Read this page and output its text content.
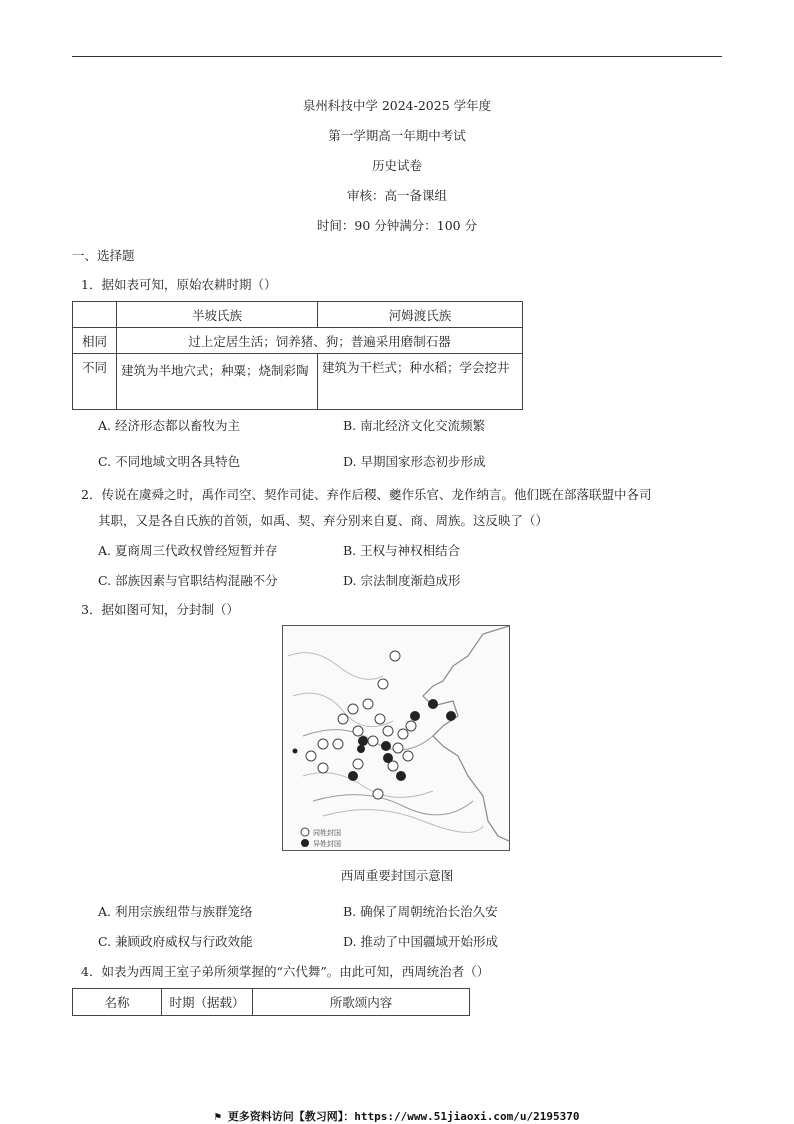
泉州科技中学 2024-2025 学年度
第一学期高一年期中考试
历史试卷
审核：高一备课组
时间：90 分钟满分：100 分
一、选择题
1．据如表可知，原始农耕时期（）
	半坡氏族	河姆渡氏族
相同	过上定居生活；饲养猪、狗；普遍采用磨制石器	
不同	建筑为半地穴式；种粟；烧制彩陶	建筑为干栏式；种水稻；学会挖井
A. 经济形态都以畜牧为主	B. 南北经济文化交流频繁
C. 不同地域文明各具特色	D. 早期国家形态初步形成
2．传说在虞舜之时，禹作司空、契作司徒、弃作后稷、夔作乐官、龙作纳言。他们既在部落联盟中各司
其职，又是各自氏族的首领，如禹、契、弃分别来自夏、商、周族。这反映了（）
A. 夏商周三代政权曾经短暂并存	B. 王权与神权相结合
C. 部族因素与官职结构混融不分	D. 宗法制度渐趋成形
3．据如图可知，分封制（）
同姓封国
异姓封国
西周重要封国示意图
A. 利用宗族纽带与族群笼络	B. 确保了周朝统治长治久安
C. 兼顾政府威权与行政效能	D. 推动了中国疆域开始形成
4．如表为西周王室子弟所须掌握的“六代舞”。由此可知，西周统治者（）
名称	时期（据载）	所歌颂内容
⚑ 更多资料访问【教习网】：https://www.51jiaoxi.com/u/2195370
